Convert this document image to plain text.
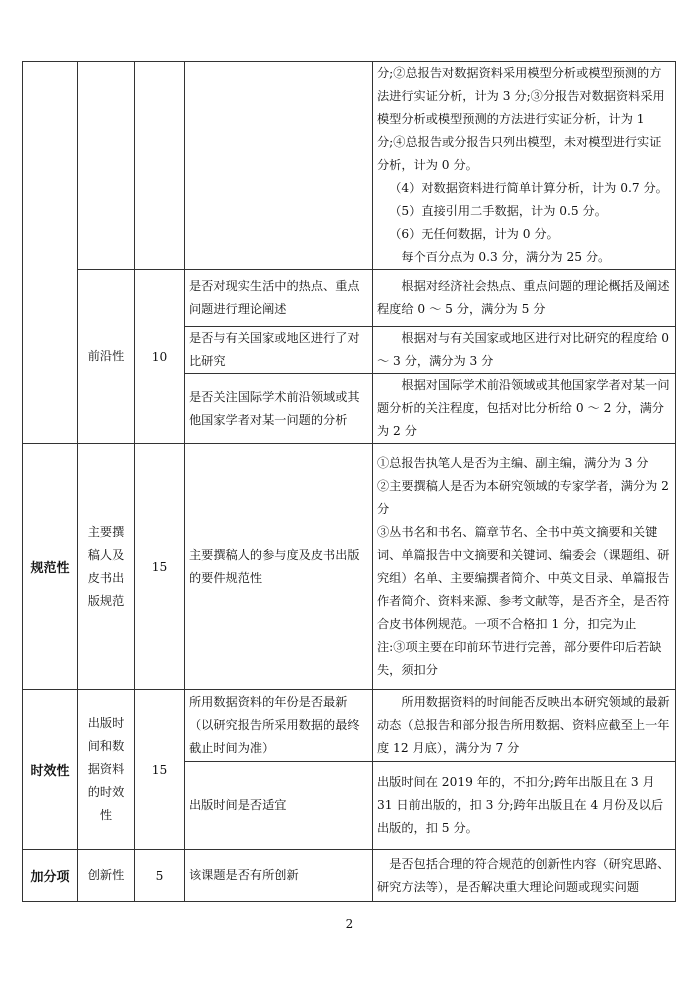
				分;②总报告对数据资料采用模型分析或模型预测的方法进行实证分析，计为 3 分;③分报告对数据资料采用模型分析或模型预测的方法进行实证分析，计为 1 分;④总报告或分报告只列出模型，未对模型进行实证分析，计为 0 分。

（4）对数据资料进行简单计算分析，计为 0.7 分。

（5）直接引用二手数据，计为 0.5 分。

（6）无任何数据，计为 0 分。

每个百分点为 0.3 分，满分为 25 分。

	前沿性	10	是否对现实生活中的热点、重点问题进行理论阐述	根据对经济社会热点、重点问题的理论概括及阐述程度给 0 ～ 5 分，满分为 5 分
			是否与有关国家或地区进行了对比研究	根据对与有关国家或地区进行对比研究的程度给 0 ～ 3 分，满分为 3 分
			是否关注国际学术前沿领域或其他国家学者对某一问题的分析	根据对国际学术前沿领域或其他国家学者对某一问题分析的关注程度，包括对比分析给 0 ～ 2 分，满分为 2 分
规范性	主要撰稿人及皮书出版规范	15	主要撰稿人的参与度及皮书出版的要件规范性	①总报告执笔人是否为主编、副主编，满分为 3 分

②主要撰稿人是否为本研究领域的专家学者，满分为 2 分

③丛书名和书名、篇章节名、全书中英文摘要和关键词、单篇报告中文摘要和关键词、编委会（课题组、研究组）名单、主要编撰者简介、中英文目录、单篇报告作者简介、资料来源、参考文献等，是否齐全，是否符合皮书体例规范。一项不合格扣 1 分，扣完为止

注:③项主要在印前环节进行完善，部分要件印后若缺失，须扣分

时效性	出版时间和数据资料的时效性	15	所用数据资料的年份是否最新（以研究报告所采用数据的最终截止时间为准）	所用数据资料的时间能否反映出本研究领域的最新动态（总报告和部分报告所用数据、资料应截至上一年度 12 月底），满分为 7 分
			出版时间是否适宜	出版时间在 2019 年的，不扣分;跨年出版且在 3 月 31 日前出版的，扣 3 分;跨年出版且在 4 月份及以后出版的，扣 5 分。
加分项	创新性	5	该课题是否有所创新	是否包括合理的符合规范的创新性内容（研究思路、研究方法等），是否解决重大理论问题或现实问题
2
